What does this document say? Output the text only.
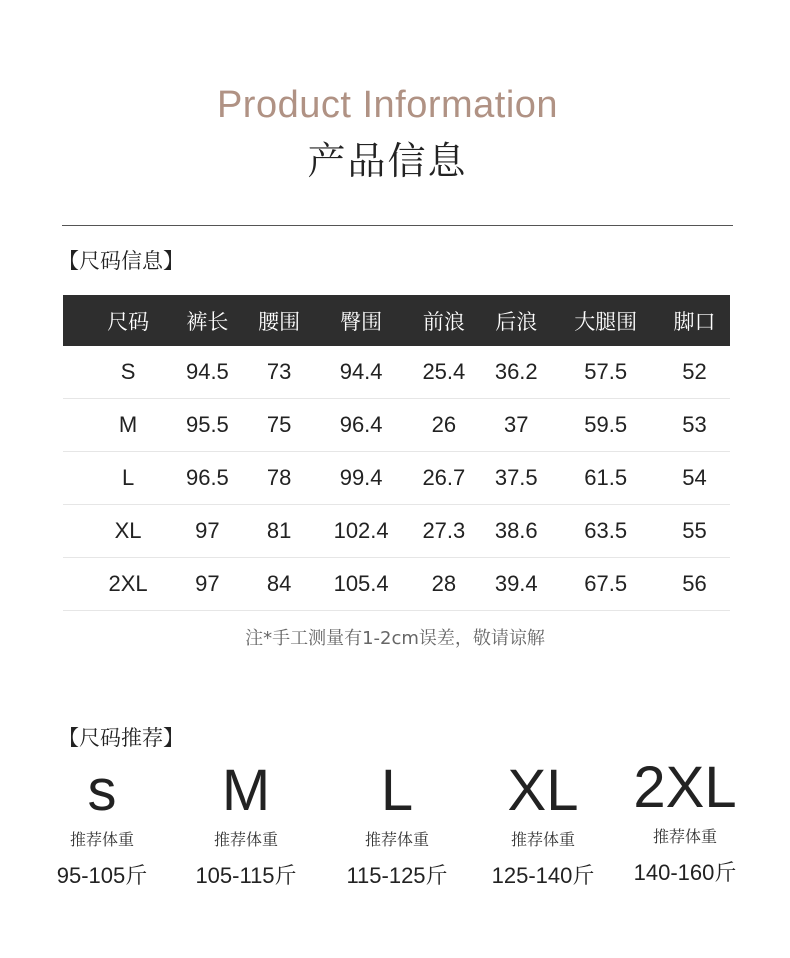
Product Information
产品信息
【尺码信息】
尺码	裤长	腰围	臀围	前浪	后浪	大腿围	脚口
S	94.5	73	94.4	25.4	36.2	57.5	52
M	95.5	75	96.4	26	37	59.5	53
L	96.5	78	99.4	26.7	37.5	61.5	54
XL	97	81	102.4	27.3	38.6	63.5	55
2XL	97	84	105.4	28	39.4	67.5	56
注*手工测量有1-2cm误差，敬请谅解
【尺码推荐】
s
推荐体重
95-105斤
M
推荐体重
105-115斤
L
推荐体重
115-125斤
XL
推荐体重
125-140斤
2XL
推荐体重
140-160斤
